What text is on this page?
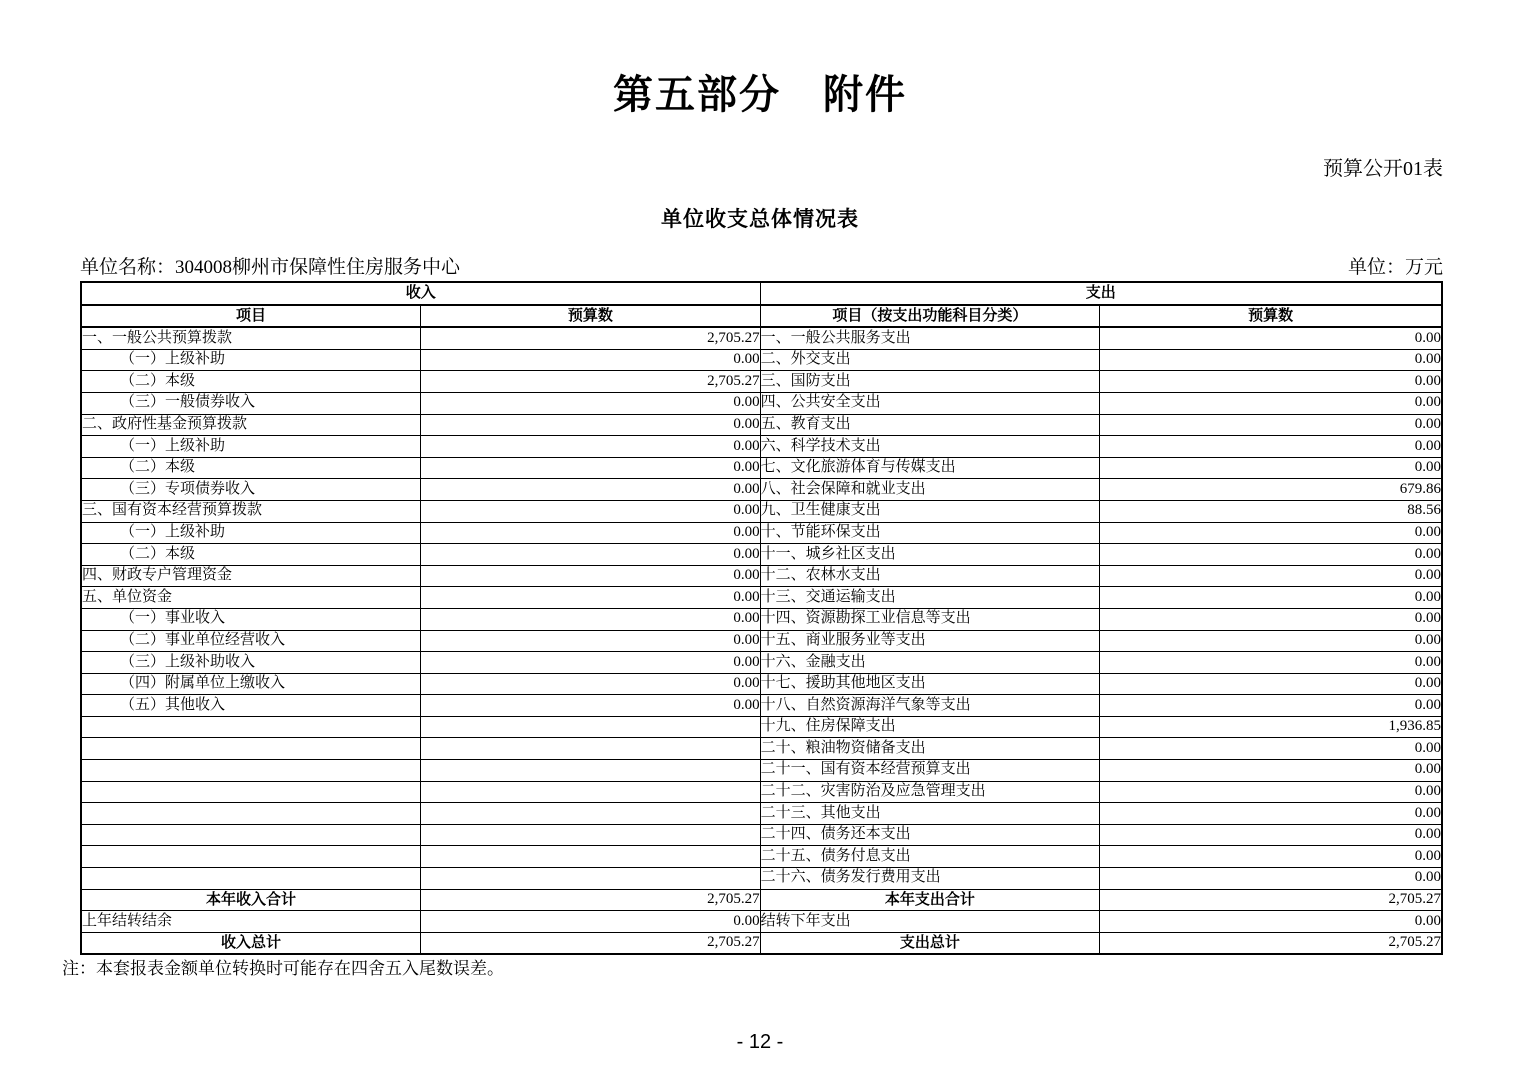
第五部分　附件
预算公开01表
单位收支总体情况表
单位名称：304008柳州市保障性住房服务中心	单位：万元
收入		支出	
项目	预算数	项目（按支出功能科目分类）	预算数
一、一般公共预算拨款	2,705.27	一、一般公共服务支出	0.00
（一）上级补助	0.00	二、外交支出	0.00
（二）本级	2,705.27	三、国防支出	0.00
（三）一般债券收入	0.00	四、公共安全支出	0.00
二、政府性基金预算拨款	0.00	五、教育支出	0.00
（一）上级补助	0.00	六、科学技术支出	0.00
（二）本级	0.00	七、文化旅游体育与传媒支出	0.00
（三）专项债券收入	0.00	八、社会保障和就业支出	679.86
三、国有资本经营预算拨款	0.00	九、卫生健康支出	88.56
（一）上级补助	0.00	十、节能环保支出	0.00
（二）本级	0.00	十一、城乡社区支出	0.00
四、财政专户管理资金	0.00	十二、农林水支出	0.00
五、单位资金	0.00	十三、交通运输支出	0.00
（一）事业收入	0.00	十四、资源勘探工业信息等支出	0.00
（二）事业单位经营收入	0.00	十五、商业服务业等支出	0.00
（三）上级补助收入	0.00	十六、金融支出	0.00
（四）附属单位上缴收入	0.00	十七、援助其他地区支出	0.00
（五）其他收入	0.00	十八、自然资源海洋气象等支出	0.00
		十九、住房保障支出	1,936.85
		二十、粮油物资储备支出	0.00
		二十一、国有资本经营预算支出	0.00
		二十二、灾害防治及应急管理支出	0.00
		二十三、其他支出	0.00
		二十四、债务还本支出	0.00
		二十五、债务付息支出	0.00
		二十六、债务发行费用支出	0.00
本年收入合计	2,705.27	本年支出合计	2,705.27
上年结转结余	0.00	结转下年支出	0.00
收入总计	2,705.27	支出总计	2,705.27
注：本套报表金额单位转换时可能存在四舍五入尾数误差。
- 12 -
